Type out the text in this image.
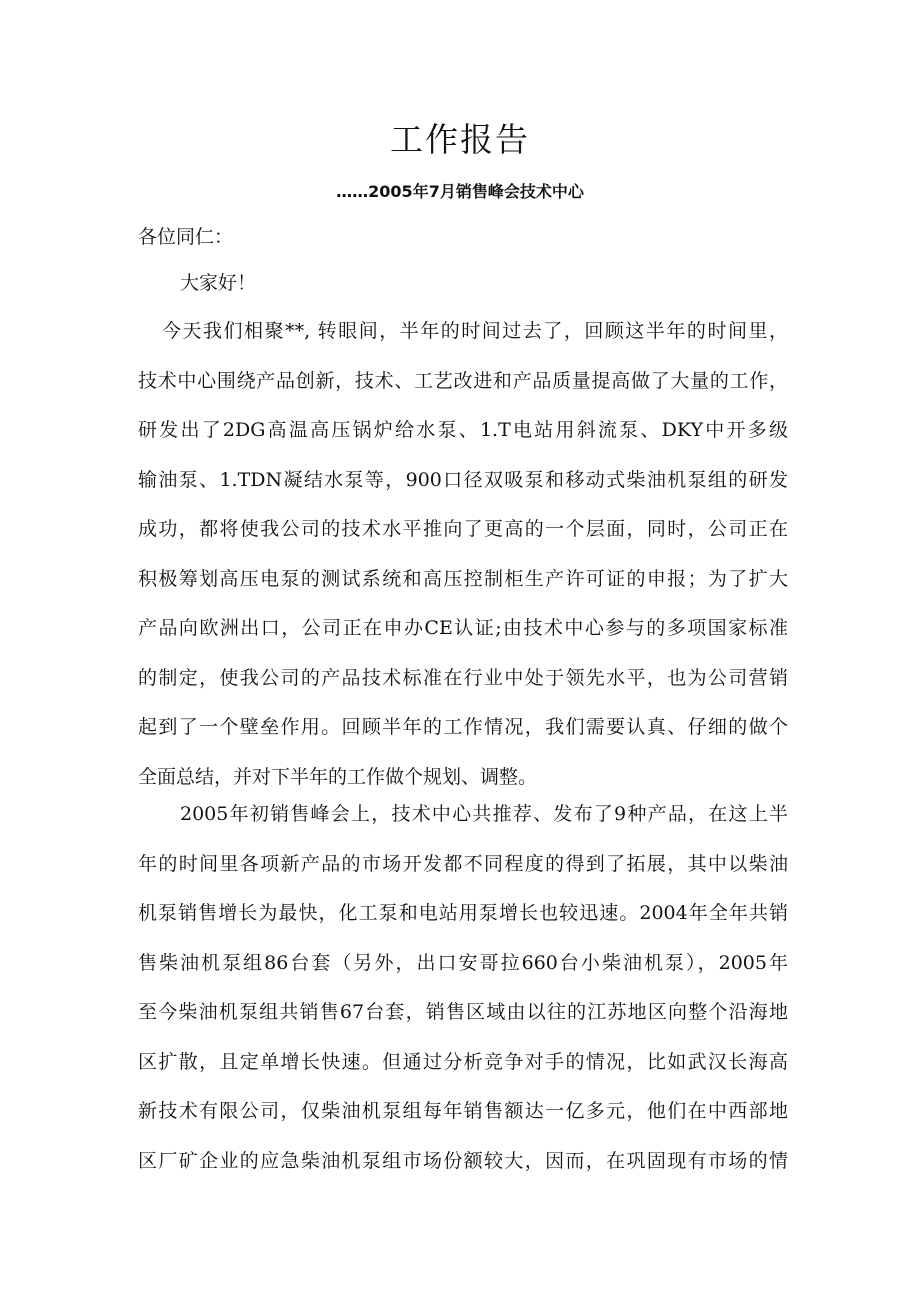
工作报告

……2005年7月销售峰会技术中心

各位同仁：

大家好！

今天我们相聚**, 转眼间，半年的时间过去了，回顾这半年的时间里，
技术中心围绕产品创新，技术、工艺改进和产品质量提高做了大量的工作，
研发出了2DG高温高压锅炉给水泵、1.T电站用斜流泵、DKY中开多级
输油泵、1.TDN凝结水泵等，900口径双吸泵和移动式柴油机泵组的研发
成功，都将使我公司的技术水平推向了更高的一个层面，同时，公司正在
积极筹划高压电泵的测试系统和高压控制柜生产许可证的申报；为了扩大
产品向欧洲出口，公司正在申办CE认证;由技术中心参与的多项国家标准
的制定，使我公司的产品技术标准在行业中处于领先水平，也为公司营销
起到了一个壁垒作用。回顾半年的工作情况，我们需要认真、仔细的做个
全面总结，并对下半年的工作做个规划、调整。
2005年初销售峰会上，技术中心共推荐、发布了9种产品，在这上半
年的时间里各项新产品的市场开发都不同程度的得到了拓展，其中以柴油
机泵销售增长为最快，化工泵和电站用泵增长也较迅速。2004年全年共销
售柴油机泵组86台套（另外，出口安哥拉660台小柴油机泵），2005年
至今柴油机泵组共销售67台套，销售区域由以往的江苏地区向整个沿海地
区扩散，且定单增长快速。但通过分析竞争对手的情况，比如武汉长海高
新技术有限公司，仅柴油机泵组每年销售额达一亿多元，他们在中西部地
区厂矿企业的应急柴油机泵组市场份额较大，因而，在巩固现有市场的情
